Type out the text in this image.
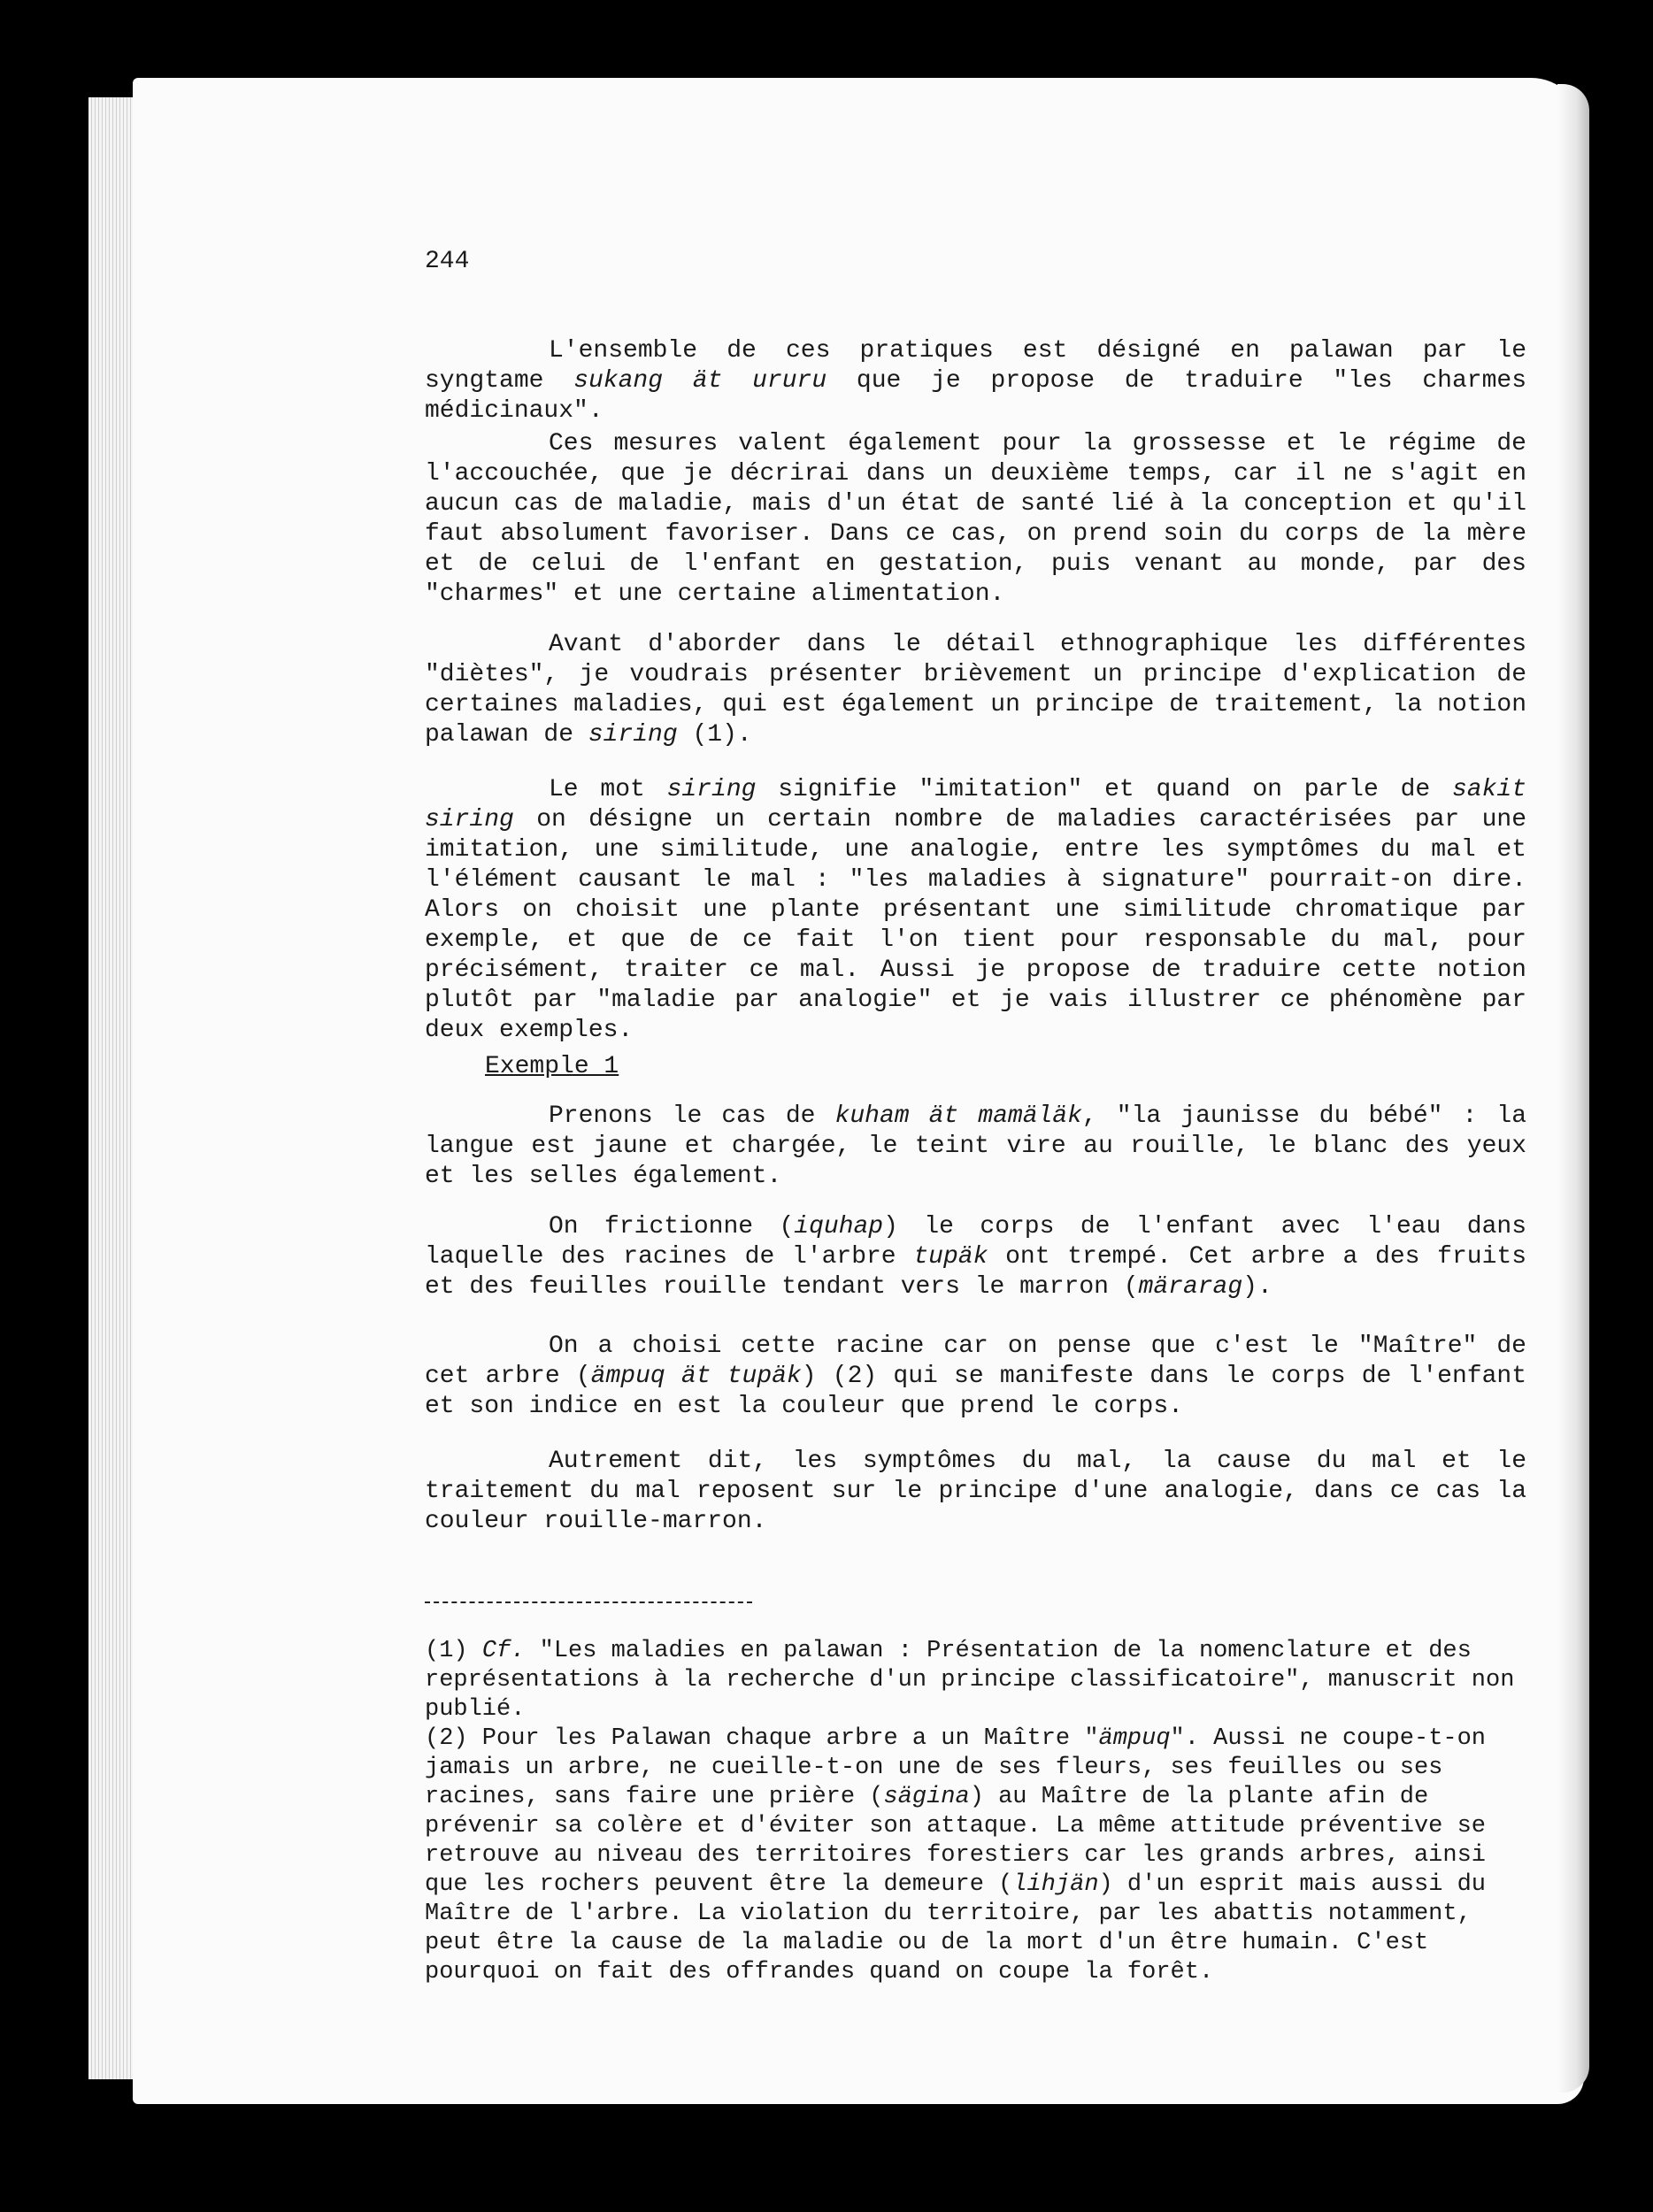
244
L'ensemble de ces pratiques est désigné en palawan par le syngtame sukang ät ururu que je propose de traduire "les charmes médicinaux".
Ces mesures valent également pour la grossesse et le régime de l'accouchée, que je décrirai dans un deuxième temps, car il ne s'agit en aucun cas de maladie, mais d'un état de santé lié à la conception et qu'il faut absolument favoriser. Dans ce cas, on prend soin du corps de la mère et de celui de l'enfant en gestation, puis venant au monde, par des "charmes" et une certaine alimentation.
Avant d'aborder dans le détail ethnographique les différentes "diètes", je voudrais présenter brièvement un principe d'explication de certaines maladies, qui est également un principe de traitement, la notion palawan de siring (1).
Le mot siring signifie "imitation" et quand on parle de sakit siring on désigne un certain nombre de maladies caractérisées par une imitation, une similitude, une analogie, entre les symptômes du mal et l'élément causant le mal : "les maladies à signature" pourrait-on dire. Alors on choisit une plante présentant une similitude chromatique par exemple, et que de ce fait l'on tient pour responsable du mal, pour précisément, traiter ce mal. Aussi je propose de traduire cette notion plutôt par "maladie par analogie" et je vais illustrer ce phénomène par deux exemples.
Exemple 1
Prenons le cas de kuham ät mamäläk, "la jaunisse du bébé" : la langue est jaune et chargée, le teint vire au rouille, le blanc des yeux et les selles également.
On frictionne (iquhap) le corps de l'enfant avec l'eau dans laquelle des racines de l'arbre tupäk ont trempé. Cet arbre a des fruits et des feuilles rouille tendant vers le marron (märarag).
On a choisi cette racine car on pense que c'est le "Maître" de cet arbre (ämpuq ät tupäk) (2) qui se manifeste dans le corps de l'enfant et son indice en est la couleur que prend le corps.
Autrement dit, les symptômes du mal, la cause du mal et le traitement du mal reposent sur le principe d'une analogie, dans ce cas la couleur rouille-marron.

(1) Cf. "Les maladies en palawan : Présentation de la nomenclature et des représentations à la recherche d'un principe classificatoire", manuscrit non publié.

(2) Pour les Palawan chaque arbre a un Maître "ämpuq". Aussi ne coupe-t-on jamais un arbre, ne cueille-t-on une de ses fleurs, ses feuilles ou ses racines, sans faire une prière (sägina) au Maître de la plante afin de prévenir sa colère et d'éviter son attaque. La même attitude préventive se retrouve au niveau des territoires forestiers car les grands arbres, ainsi que les rochers peuvent être la demeure (lihjän) d'un esprit mais aussi du Maître de l'arbre. La violation du territoire, par les abattis notamment, peut être la cause de la maladie ou de la mort d'un être humain. C'est pourquoi on fait des offrandes quand on coupe la forêt.
